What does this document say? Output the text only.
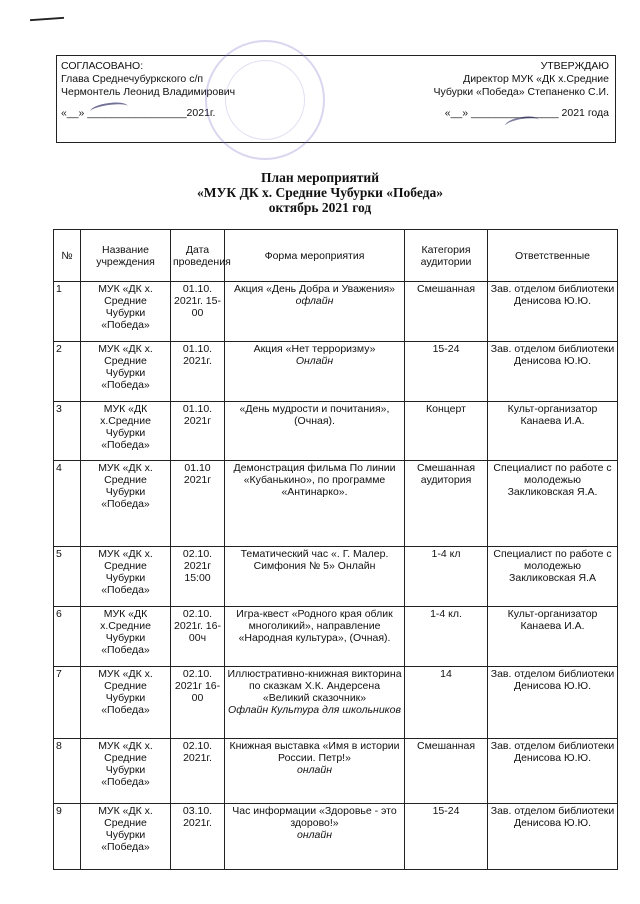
СОГЛАСОВАНО:
Глава Среднечубуркского с/п
Чермонтель Леонид Владимирович
«__» _________________2021г.
УТВЕРЖДАЮ
Директор МУК «ДК х.Средние
Чубурки «Победа» Степаненко С.И.
«__» _______________ 2021 года
План мероприятий
«МУК ДК х. Средние Чубурки «Победа»
октябрь 2021 год
№	Название учреждения	Дата проведения	Форма мероприятия	Категория аудитории	Ответственные
1	МУК «ДК х. Средние Чубурки «Победа»	01.10. 2021г. 15-00	Акция «День Добра и Уважения»
офлайн	Смешанная	Зав. отделом библиотеки Денисова Ю.Ю.
2	МУК «ДК х. Средние Чубурки «Победа»	01.10. 2021г.	Акция «Нет терроризму»
Онлайн	15-24	Зав. отделом библиотеки Денисова Ю.Ю.
3	МУК «ДК х.Средние Чубурки «Победа»	01.10. 2021г	«День мудрости и почитания», (Очная).	Концерт	Культ-организатор Канаева И.А.
4	МУК «ДК х. Средние Чубурки «Победа»	01.10 2021г	Демонстрация фильма По линии «Кубанькино», по программе «Антинарко».	Смешанная аудитория	Специалист по работе с молодежью Закликовская Я.А.
5	МУК «ДК х. Средние Чубурки «Победа»	02.10. 2021г 15:00	Тематический час «. Г. Малер. Симфония № 5» Онлайн	1-4 кл	Специалист по работе с молодежью Закликовская Я.А
6	МУК «ДК х.Средние Чубурки «Победа»	02.10. 2021г. 16-00ч	Игра-квест «Родного края облик многоликий», направление «Народная культура», (Очная).	1-4 кл.	Культ-организатор Канаева И.А.
7	МУК «ДК х. Средние Чубурки «Победа»	02.10. 2021г 16-00	Иллюстративно-книжная викторина по сказкам Х.К. Андерсена «Великий сказочник»
Офлайн Культура для школьников	14	Зав. отделом библиотеки Денисова Ю.Ю.
8	МУК «ДК х. Средние Чубурки «Победа»	02.10. 2021г.	Книжная выставка «Имя в истории России. Петр!»
онлайн	Смешанная	Зав. отделом библиотеки Денисова Ю.Ю.
9	МУК «ДК х. Средние Чубурки «Победа»	03.10. 2021г.	Час информации «Здоровье - это здорово!»
онлайн	15-24	Зав. отделом библиотеки Денисова Ю.Ю.
